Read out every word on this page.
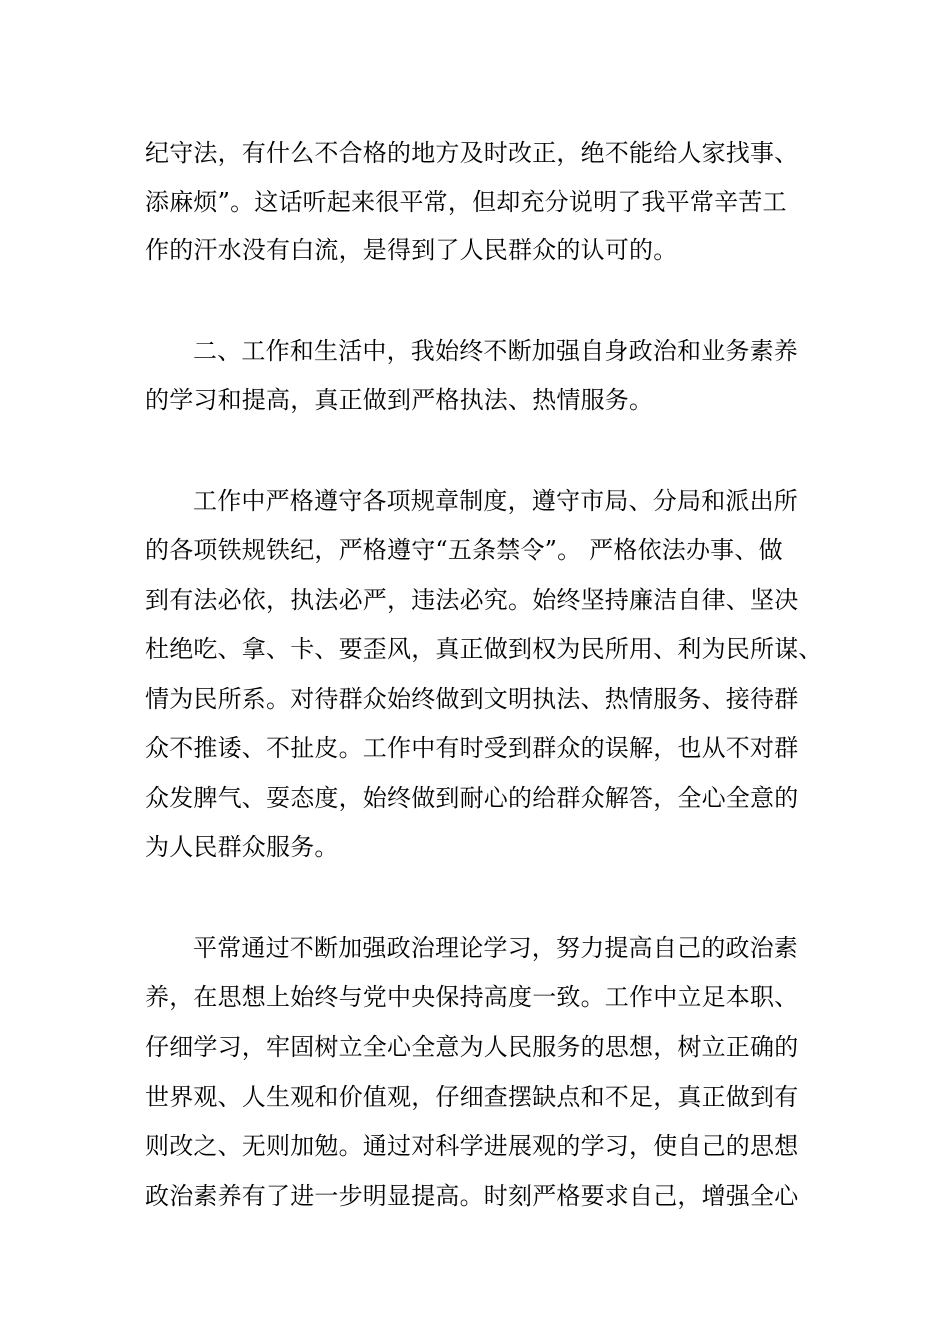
纪守法，有什么不合格的地方及时改正，绝不能给人家找事、
添麻烦”。这话听起来很平常，但却充分说明了我平常辛苦工
作的汗水没有白流，是得到了人民群众的认可的。
二、工作和生活中，我始终不断加强自身政治和业务素养
的学习和提高，真正做到严格执法、热情服务。
工作中严格遵守各项规章制度，遵守市局、分局和派出所
的各项铁规铁纪，严格遵守“五条禁令”。 严格依法办事、做
到有法必依，执法必严，违法必究。始终坚持廉洁自律、坚决
杜绝吃、拿、卡、要歪风，真正做到权为民所用、利为民所谋、
情为民所系。对待群众始终做到文明执法、热情服务、接待群
众不推诿、不扯皮。工作中有时受到群众的误解，也从不对群
众发脾气、耍态度，始终做到耐心的给群众解答，全心全意的
为人民群众服务。
平常通过不断加强政治理论学习，努力提高自己的政治素
养，在思想上始终与党中央保持高度一致。工作中立足本职、
仔细学习，牢固树立全心全意为人民服务的思想，树立正确的
世界观、人生观和价值观，仔细查摆缺点和不足，真正做到有
则改之、无则加勉。通过对科学进展观的学习，使自己的思想
政治素养有了进一步明显提高。时刻严格要求自己，增强全心
